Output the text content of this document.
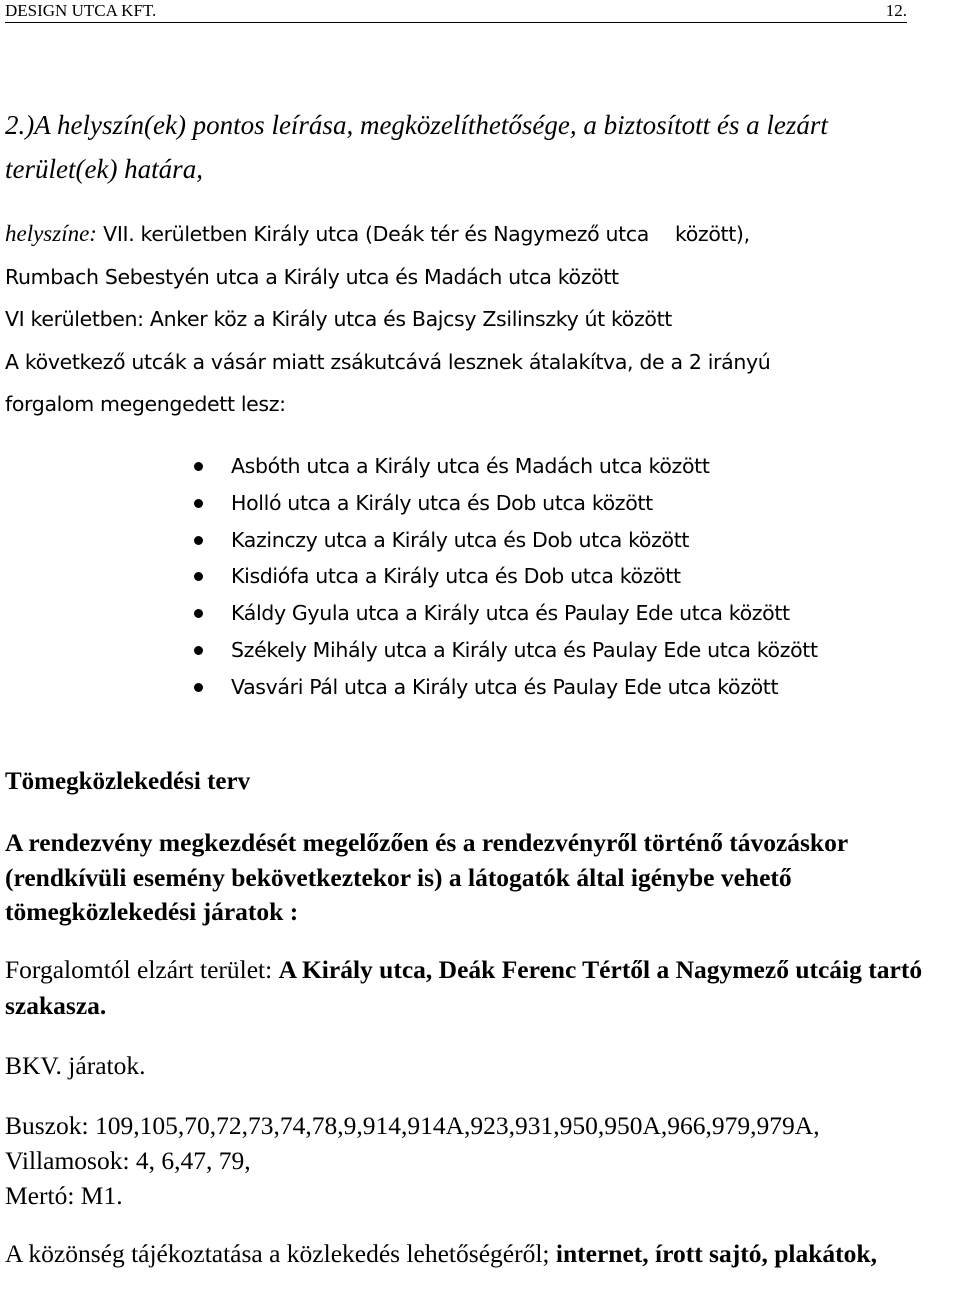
DESIGN UTCA KFT.	12.
2.)A helyszín(ek) pontos leírása, megközelíthetősége, a biztosított és a lezárt terület(ek) határa,
helyszíne: VII. kerületben Király utca (Deák tér és Nagymező utca között),
Rumbach Sebestyén utca a Király utca és Madách utca között
VI kerületben: Anker köz a Király utca és Bajcsy Zsilinszky út között
A következő utcák a vásár miatt zsákutcává lesznek átalakítva, de a 2 irányú
forgalom megengedett lesz:
Asbóth utca a Király utca és Madách utca között
Holló utca a Király utca és Dob utca között
Kazinczy utca a Király utca és Dob utca között
Kisdiófa utca a Király utca és Dob utca között
Káldy Gyula utca a Király utca és Paulay Ede utca között
Székely Mihály utca a Király utca és Paulay Ede utca között
Vasvári Pál utca a Király utca és Paulay Ede utca között
Tömegközlekedési terv

A rendezvény megkezdését megelőzően és a rendezvényről történő távozáskor (rendkívüli esemény bekövetkeztekor is) a látogatók által igénybe vehető tömegközlekedési járatok :

Forgalomtól elzárt terület: A Király utca, Deák Ferenc Tértől a Nagymező utcáig tartó szakasza.

BKV. járatok.

Buszok: 109,105,70,72,73,74,78,9,914,914A,923,931,950,950A,966,979,979A,
Villamosok: 4, 6,47, 79,
Mertó: M1.

A közönség tájékoztatása a közlekedés lehetőségéről; internet, írott sajtó, plakátok,
